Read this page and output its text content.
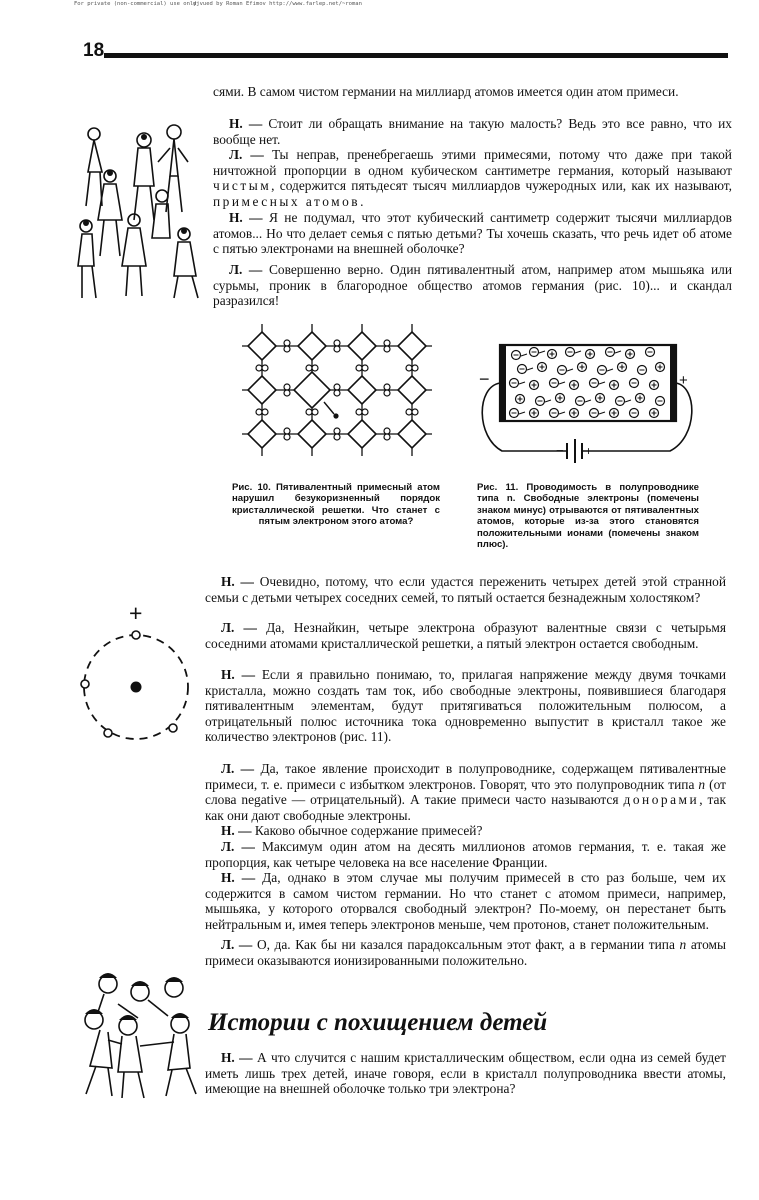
For private (non-commercial) use only
djvued by Roman Efimov http://www.farlep.net/~roman
18

сями. В самом чистом германии на миллиард атомов имеется один атом примеси.

Н. — Стоит ли обращать внимание на такую малость? Ведь это все равно, что их вообще нет.

Л. — Ты неправ, пренебрегаешь этими примесями, потому что даже при такой ничтожной пропорции в одном кубическом сантиметре германия, который называют чистым, содержится пятьдесят тысяч миллиардов чужеродных или, как их называют, примесных атомов.

Н. — Я не подумал, что этот кубический сантиметр содержит тысячи миллиардов атомов... Но что делает семья с пятью детьми? Ты хочешь сказать, что речь идет об атоме с пятью электронами на внешней оболочке?

Л. — Совершенно верно. Один пятивалентный атом, например атом мышьяка или сурьмы, проник в благородное общество атомов германия (рис. 10)... и скандал разразился!

Рис. 10. Пятивалентный примесный атом нарушил безукоризненный порядок кристаллической решетки. Что станет с пятым электроном этого атома?

−	+
− +

Рис. 11. Проводимость в полупроводнике типа n. Свободные электроны (помечены знаком минус) отрываются от пятивалентных атомов, которые из-за этого становятся положительными ионами (помечены знаком плюс).

+

Н. — Очевидно, потому, что если удастся переженить четырех детей этой странной семьи с детьми четырех соседних семей, то пятый остается безнадежным холостяком?

Л. — Да, Незнайкин, четыре электрона образуют валентные связи с четырьмя соседними атомами кристаллической решетки, а пятый электрон остается свободным.

Н. — Если я правильно понимаю, то, прилагая напряжение между двумя точками кристалла, можно создать там ток, ибо свободные электроны, появившиеся благодаря пятивалентным элементам, будут притягиваться положительным полюсом, а отрицательный полюс источника тока одновременно выпустит в кристалл такое же количество электронов (рис. 11).

Л. — Да, такое явление происходит в полупроводнике, содержащем пятивалентные примеси, т. е. примеси с избытком электронов. Говорят, что это полупроводник типа n (от слова negative — отрицательный). А такие примеси часто называются донорами, так как они дают свободные электроны.

Н. — Каково обычное содержание примесей?

Л. — Максимум один атом на десять миллионов атомов германия, т. е. такая же пропорция, как четыре человека на все население Франции.

Н. — Да, однако в этом случае мы получим примесей в сто раз больше, чем их содержится в самом чистом германии. Но что станет с атомом примеси, например, мышьяка, у которого оторвался свободный электрон? По-моему, он перестанет быть нейтральным и, имея теперь электронов меньше, чем протонов, станет положительным.

Л. — О, да. Как бы ни казался парадоксальным этот факт, а в германии типа n атомы примеси оказываются ионизированными положительно.

Истории с похищением детей

Н. — А что случится с нашим кристаллическим обществом, если одна из семей будет иметь лишь трех детей, иначе говоря, если в кристалл полупроводника ввести атомы, имеющие на внешней оболочке только три электрона?
